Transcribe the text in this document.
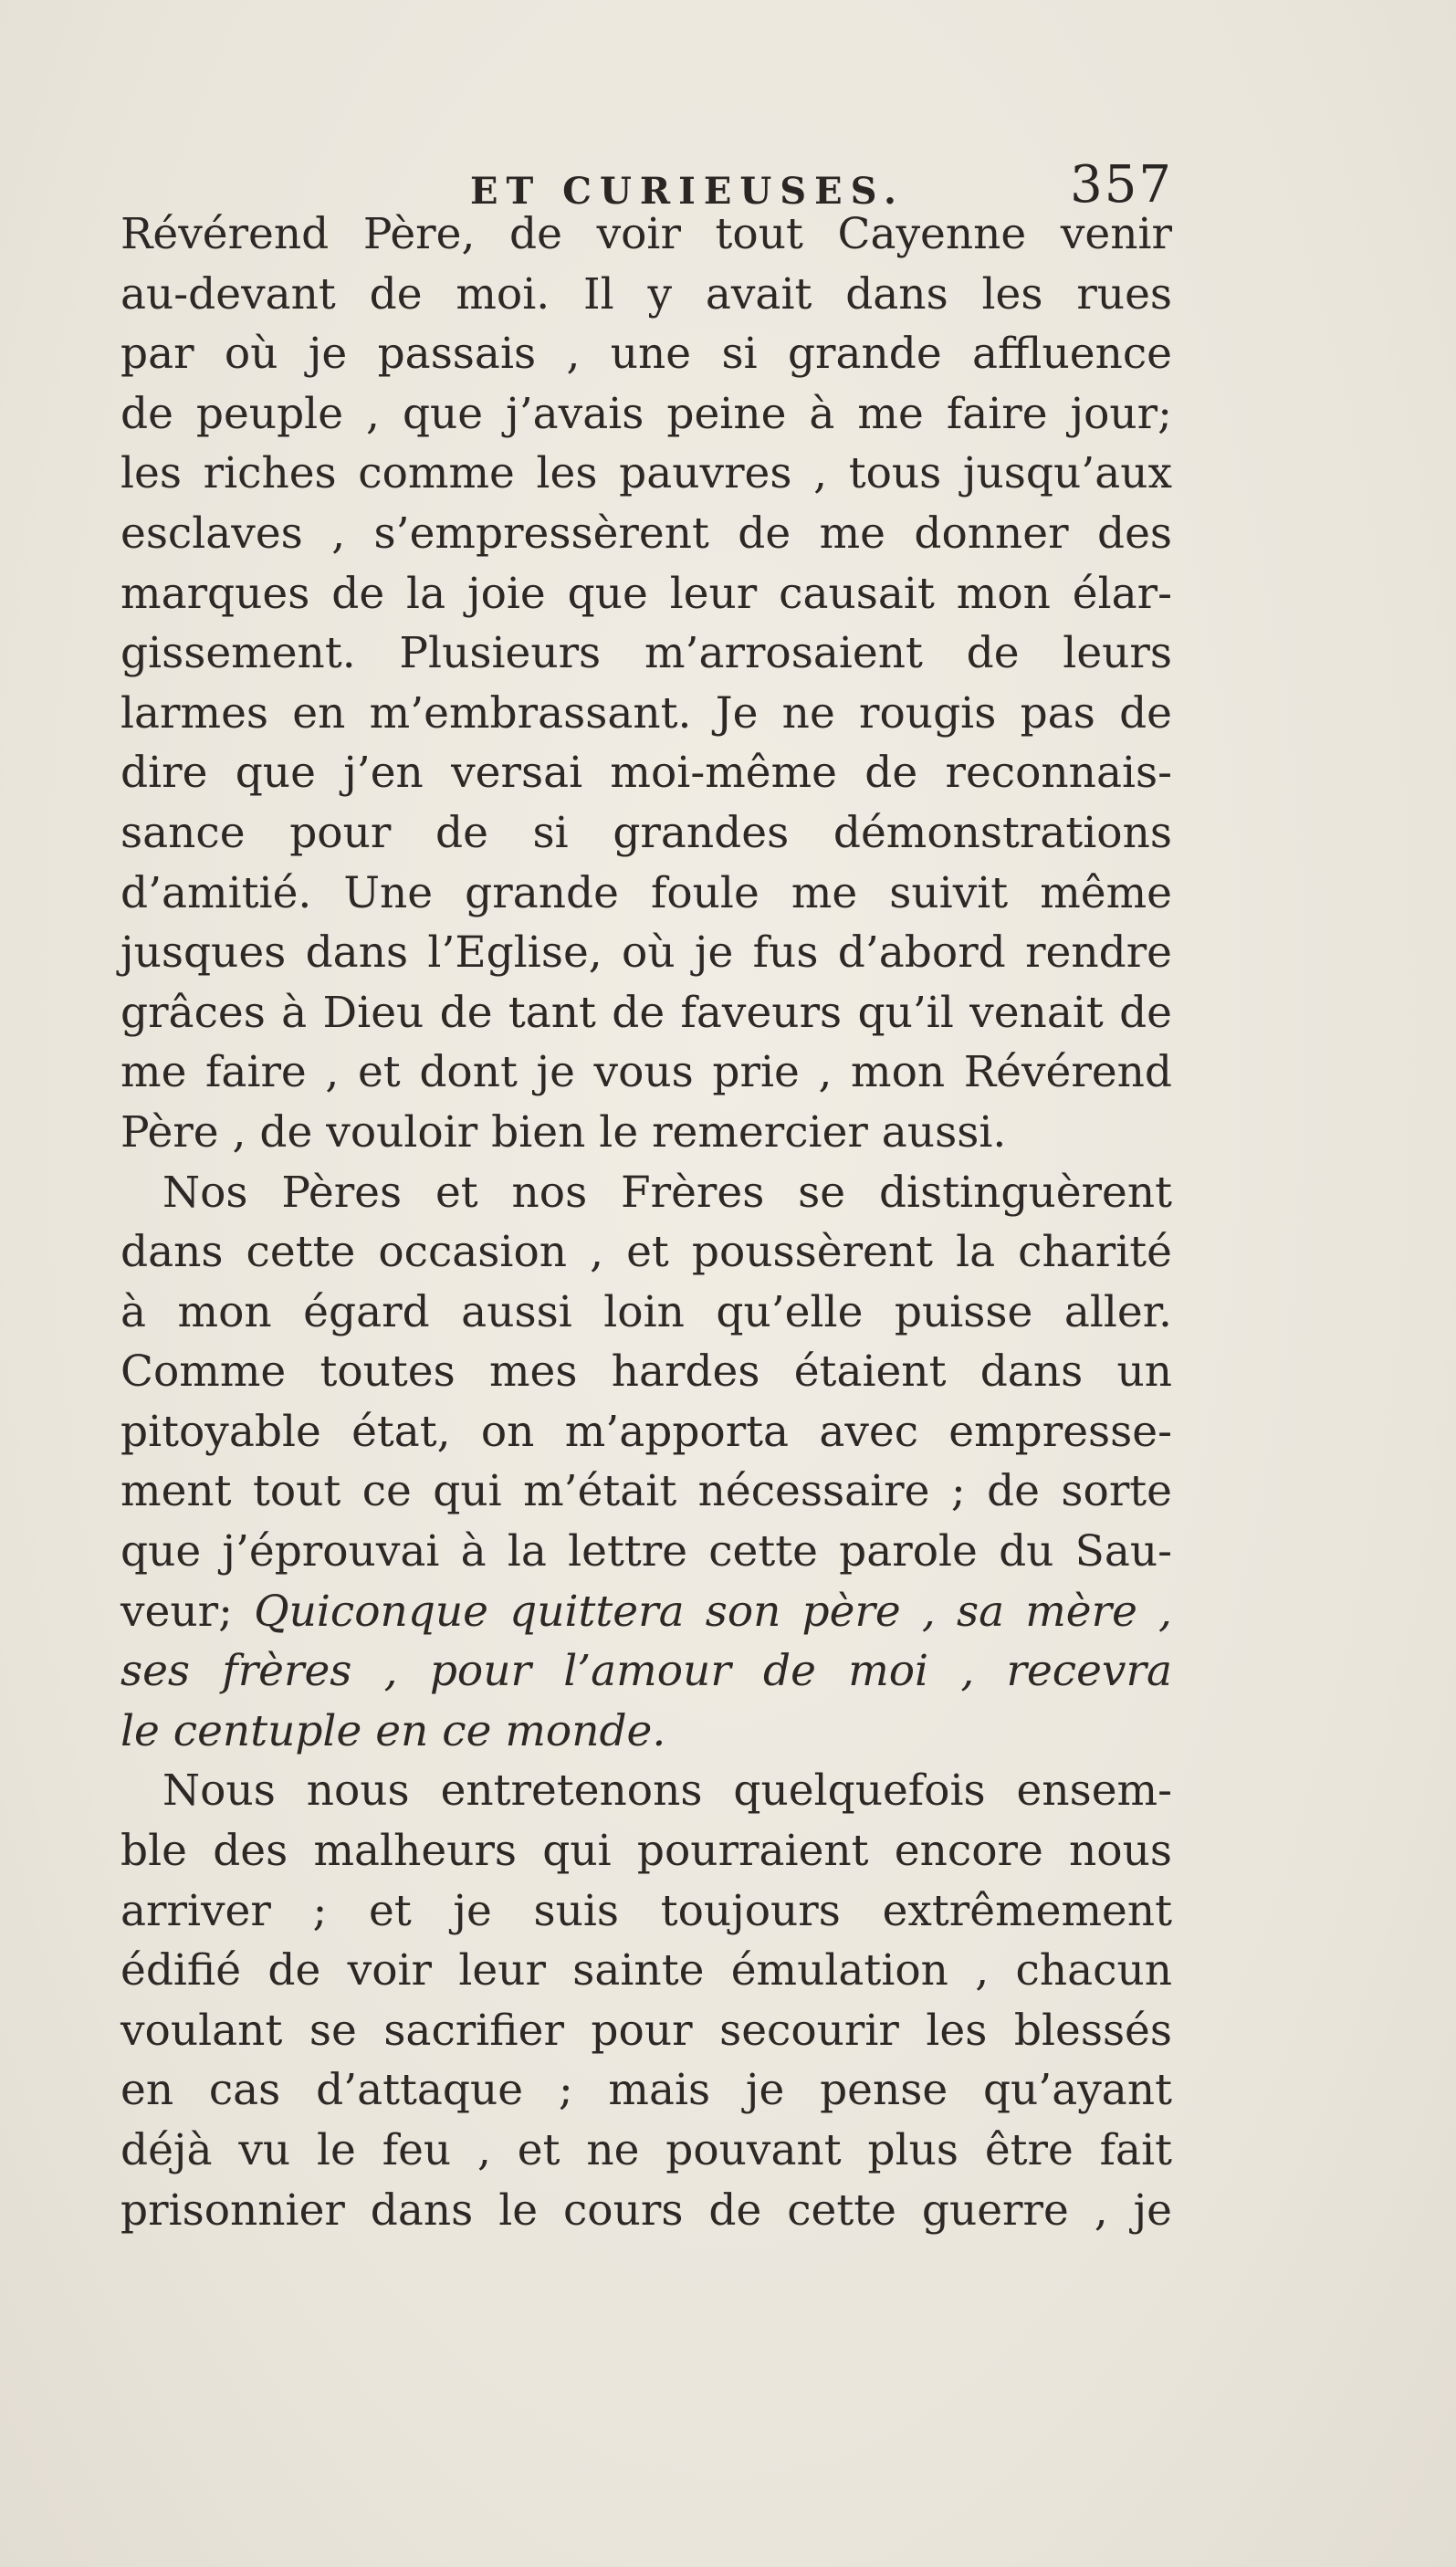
ET CURIEUSES.	357
Révérend Père, de voir tout Cayenne venir
au-devant de moi. Il y avait dans les rues
par où je passais , une si grande affluence
de peuple , que j’avais peine à me faire jour;
les riches comme les pauvres , tous jusqu’aux
esclaves , s’empressèrent de me donner des
marques de la joie que leur causait mon élar-
gissement. Plusieurs m’arrosaient de leurs
larmes en m’embrassant. Je ne rougis pas de
dire que j’en versai moi-même de reconnais-
sance pour de si grandes démonstrations
d’amitié. Une grande foule me suivit même
jusques dans l’Eglise, où je fus d’abord rendre
grâces à Dieu de tant de faveurs qu’il venait de
me faire , et dont je vous prie , mon Révérend
Père , de vouloir bien le remercier aussi.
Nos Pères et nos Frères se distinguèrent
dans cette occasion , et poussèrent la charité
à mon égard aussi loin qu’elle puisse aller.
Comme toutes mes hardes étaient dans un
pitoyable état, on m’apporta avec empresse-
ment tout ce qui m’était nécessaire ; de sorte
que j’éprouvai à la lettre cette parole du Sau-
veur; Quiconque quittera son père , sa mère ,
ses frères , pour l’amour de moi , recevra
le centuple en ce monde.
Nous nous entretenons quelquefois ensem-
ble des malheurs qui pourraient encore nous
arriver ; et je suis toujours extrêmement
édifié de voir leur sainte émulation , chacun
voulant se sacrifier pour secourir les blessés
en cas d’attaque ; mais je pense qu’ayant
déjà vu le feu , et ne pouvant plus être fait
prisonnier dans le cours de cette guerre , je
